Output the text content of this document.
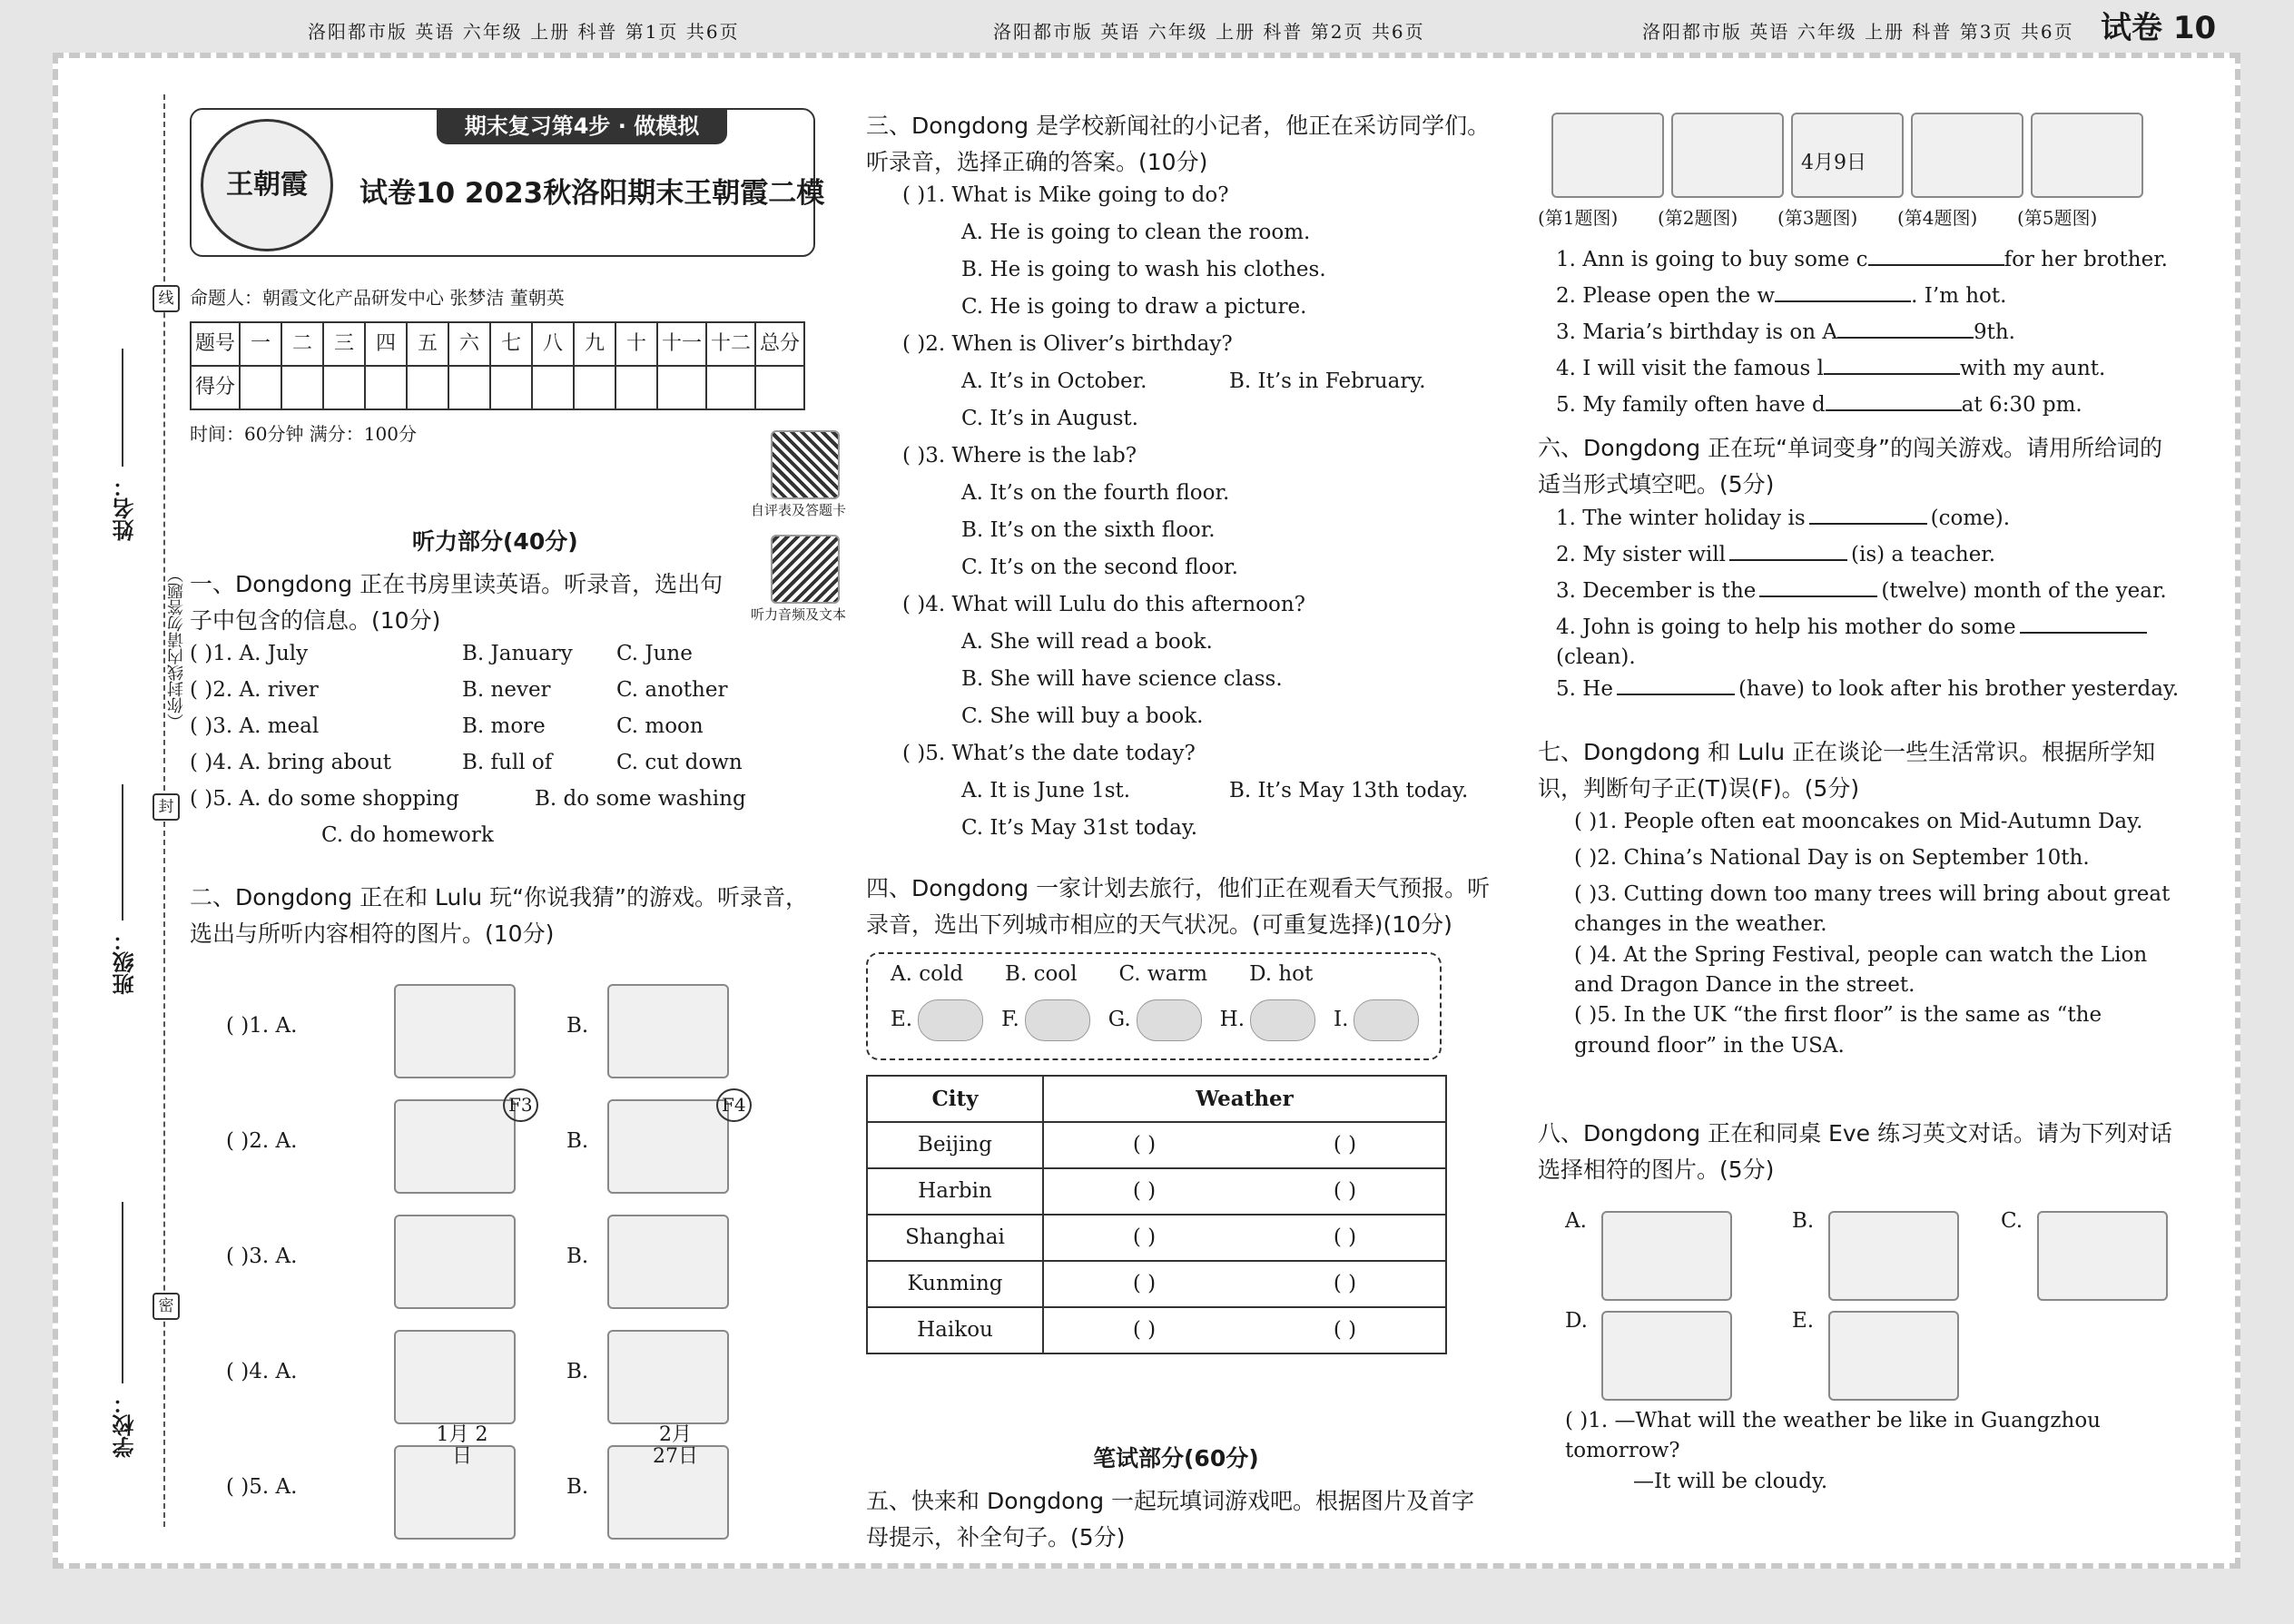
线
封
密
姓名：
（你封线内请勿答题）
班级：
学校：
王朝霞
期末复习第4步 · 做模拟
试卷10 2023秋洛阳期末王朝霞二模
命题人：朝霞文化产品研发中心 张梦洁 董朝英
题号	一	二	三	四	五	六	七	八	九	十	十一	十二	总分
得分													
时间：60分钟 满分：100分
自评表及答题卡
听力音频及文本
听力部分(40分)

一、Dongdong 正在书房里读英语。听录音，选出句子中包含的信息。(10分)

( )1. A. July	B. January C. June
( )2. A. river	B. never	C. another
( )3. A. meal	B. more	C. moon
( )4. A. bring about	B. full of	C. cut down
( )5. A. do some shopping	B. do some washing
C. do homework

二、Dongdong 正在和 Lulu 玩“你说我猜”的游戏。听录音，选出与所听内容相符的图片。(10分)

( )1. A.	B.
( )2. A.	B.
( )3. A.	B.
( )4. A.	B.
( )5. A.	B.
F3	F4
1月 2日
2月 27日
洛阳都市版 英语 六年级 上册 科普 第1页 共6页

三、Dongdong 是学校新闻社的小记者，他正在采访同学们。听录音，选择正确的答案。(10分)

( )1. What is Mike going to do?
A. He is going to clean the room.
B. He is going to wash his clothes.
C. He is going to draw a picture.
( )2. When is Oliver’s birthday?
A. It’s in October.	B. It’s in February.
C. It’s in August.
( )3. Where is the lab?
A. It’s on the fourth floor.
B. It’s on the sixth floor.
C. It’s on the second floor.
( )4. What will Lulu do this afternoon?
A. She will read a book.
B. She will have science class.
C. She will buy a book.
( )5. What’s the date today?
A. It is June 1st.	B. It’s May 13th today.
C. It’s May 31st today.

四、Dongdong 一家计划去旅行，他们正在观看天气预报。听录音，选出下列城市相应的天气状况。(可重复选择)(10分)

A. cold B. cool C. warm D. hot
E.	F.	G.	H.	I.
City	Weather	
Beijing	( )	( )
Harbin	( )	( )
Shanghai	( )	( )
Kunming	( )	( )
Haikou	( )	( )
笔试部分(60分)

五、快来和 Dongdong 一起玩填词游戏吧。根据图片及首字母提示，补全句子。(5分)

洛阳都市版 英语 六年级 上册 科普 第2页 共6页
(第1题图) (第2题图) (第3题图) (第4题图) (第5题图)
4月9日
1. Ann is going to buy some c	for her brother.
2. Please open the w	. I’m hot.
3. Maria’s birthday is on A	9th.
4. I will visit the famous l	with my aunt.
5. My family often have d	at 6:30 pm.

六、Dongdong 正在玩“单词变身”的闯关游戏。请用所给词的适当形式填空吧。(5分)

1. The winter holiday is	(come).
2. My sister will	(is) a teacher.
3. December is the	(twelve) month of the year.
4. John is going to help his mother do some(clean).
5. He	(have) to look after his brother yesterday.

七、Dongdong 和 Lulu 正在谈论一些生活常识。根据所学知识，判断句子正(T)误(F)。(5分)

( )1. People often eat mooncakes on Mid-Autumn Day.
( )2. China’s National Day is on September 10th.
( )3. Cutting down too many trees will bring about great changes in the weather.
( )4. At the Spring Festival, people can watch the Lion and Dragon Dance in the street.
( )5. In the UK “the first floor” is the same as “the ground floor” in the USA.

八、Dongdong 正在和同桌 Eve 练习英文对话。请为下列对话选择相符的图片。(5分)

A.	B.	C.
D.	E.
( )1. —What will the weather be like in Guangzhou tomorrow?
—It will be cloudy.
洛阳都市版 英语 六年级 上册 科普 第3页 共6页 试卷 10
